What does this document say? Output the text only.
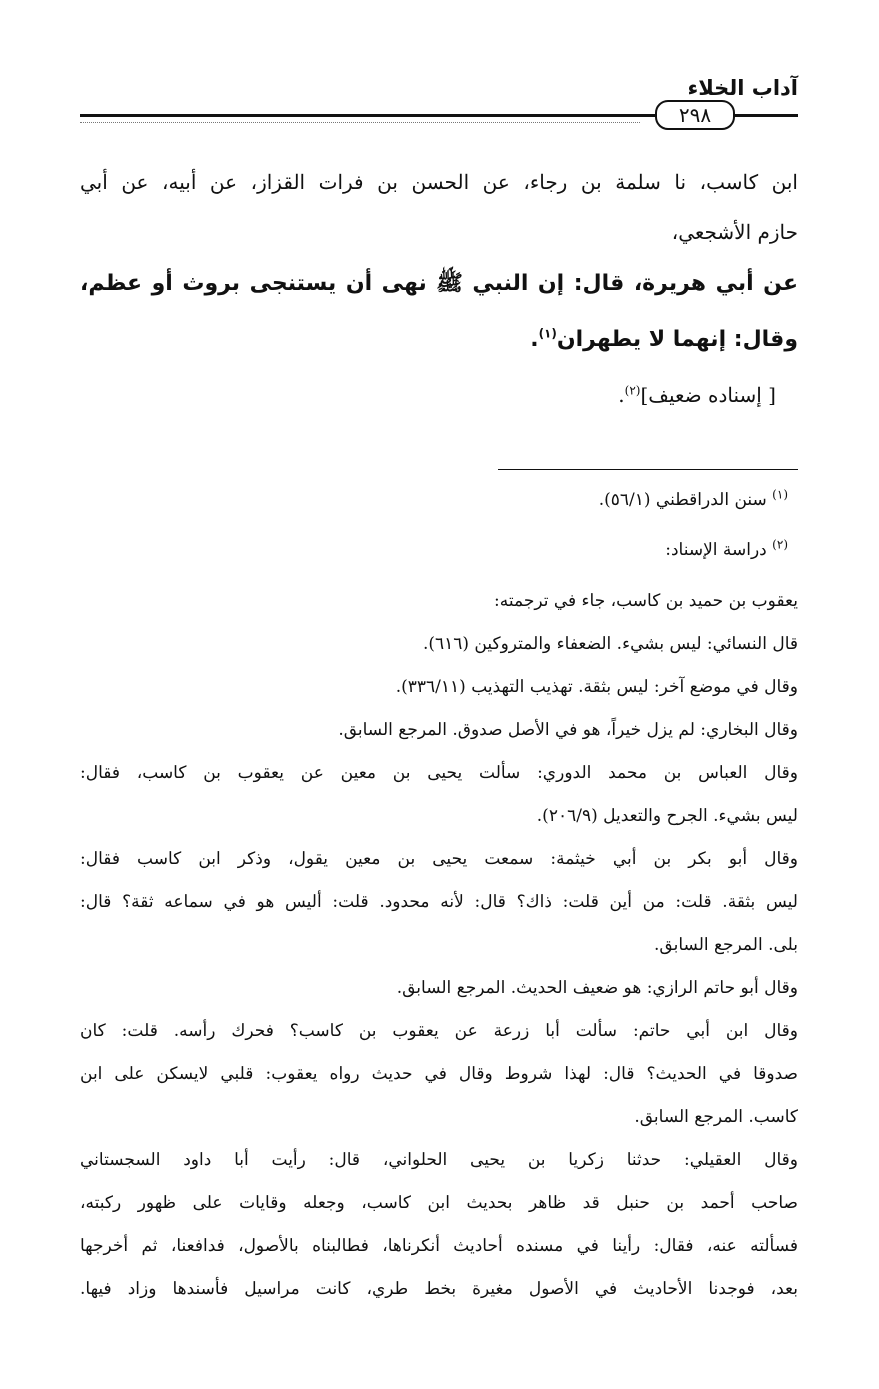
آداب الخلاء
٢٩٨
ابن كاسب، نا سلمة بن رجاء، عن الحسن بن فرات القزاز، عن أبيه، عن أبي
حازم الأشجعي،
عن أبي هريرة، قال: إن النبي ﷺ نهى أن يستنجى بروث أو عظم،
وقال: إنهما لا يطهران$^{(١)}$.
[ إسناده ضعيف]$^{(٢)}$.
$^{(١)}$ سنن الدراقطني (٥٦/١).
$^{(٢)}$ دراسة الإسناد:
يعقوب بن حميد بن كاسب، جاء في ترجمته:
قال النسائي: ليس بشيء. الضعفاء والمتروكين (٦١٦).
وقال في موضع آخر: ليس بثقة. تهذيب التهذيب (٣٣٦/١١).
وقال البخاري: لم يزل خيراً، هو في الأصل صدوق. المرجع السابق.
وقال العباس بن محمد الدوري: سألت يحيى بن معين عن يعقوب بن كاسب، فقال:
ليس بشيء. الجرح والتعديل (٢٠٦/٩).
وقال أبو بكر بن أبي خيثمة: سمعت يحيى بن معين يقول، وذكر ابن كاسب فقال:
ليس بثقة. قلت: من أين قلت: ذاك؟ قال: لأنه محدود. قلت: أليس هو في سماعه ثقة؟ قال:
بلى. المرجع السابق.
وقال أبو حاتم الرازي: هو ضعيف الحديث. المرجع السابق.
وقال ابن أبي حاتم: سألت أبا زرعة عن يعقوب بن كاسب؟ فحرك رأسه. قلت: كان
صدوقا في الحديث؟ قال: لهذا شروط وقال في حديث رواه يعقوب: قلبي لايسكن على ابن
كاسب. المرجع السابق.
وقال العقيلي: حدثنا زكريا بن يحيى الحلواني، قال: رأيت أبا داود السجستاني
صاحب أحمد بن حنبل قد ظاهر بحديث ابن كاسب، وجعله وقايات على ظهور ركبته،
فسألته عنه، فقال: رأينا في مسنده أحاديث أنكرناها، فطالبناه بالأصول، فدافعنا، ثم أخرجها
بعد، فوجدنا الأحاديث في الأصول مغيرة بخط طري، كانت مراسيل فأسندها وزاد فيها.
